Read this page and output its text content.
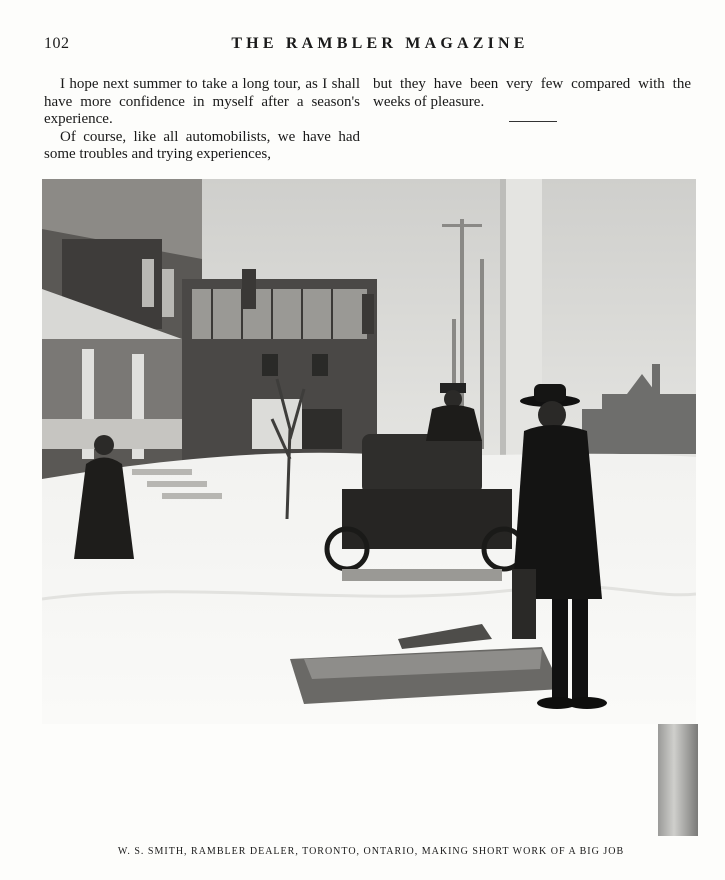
102	THE RAMBLER MAGAZINE

I hope next summer to take a long tour, as I shall have more confidence in myself after a season's experience.

Of course, like all automobilists, we have had some troubles and trying experiences,

but they have been very few compared with the weeks of pleasure.

W. S. SMITH, RAMBLER DEALER, TORONTO, ONTARIO, MAKING SHORT WORK OF A BIG JOB
